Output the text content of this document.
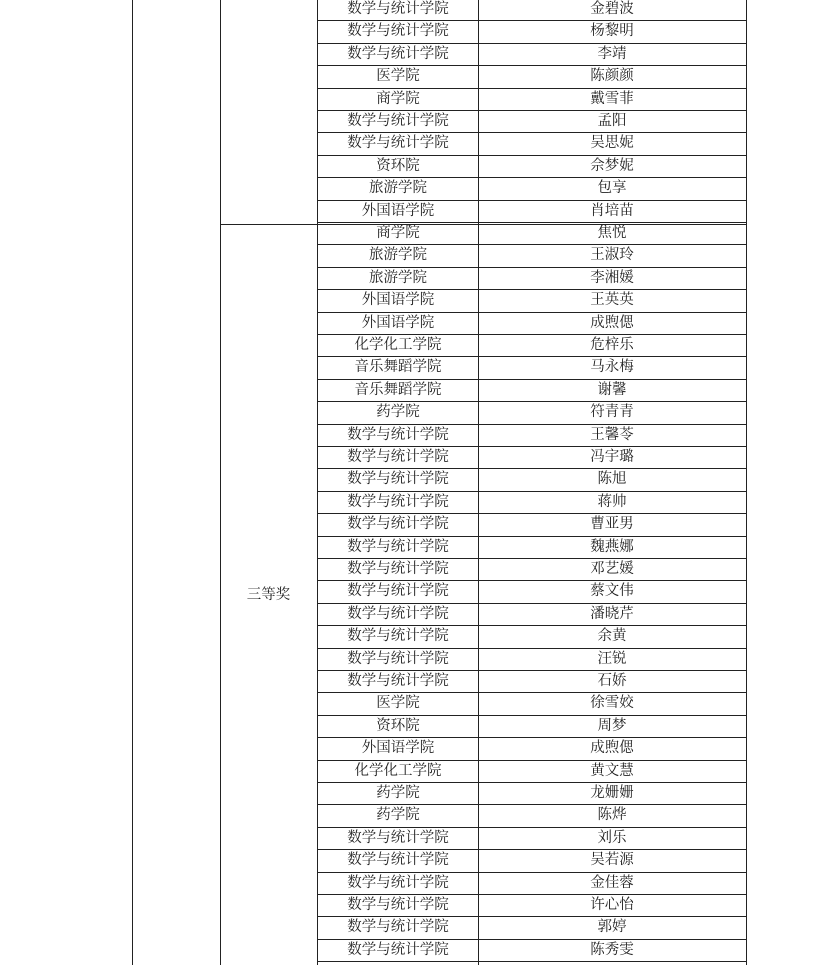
三等奖
数学与统计学院	金碧波
数学与统计学院	杨黎明
数学与统计学院	李靖
医学院	陈颜颜
商学院	戴雪菲
数学与统计学院	孟阳
数学与统计学院	吴思妮
资环院	佘梦妮
旅游学院	包享
外国语学院	肖培苗
商学院	焦悦
旅游学院	王淑玲
旅游学院	李湘媛
外国语学院	王英英
外国语学院	成煦偲
化学化工学院	危梓乐
音乐舞蹈学院	马永梅
音乐舞蹈学院	谢馨
药学院	符青青
数学与统计学院	王馨苓
数学与统计学院	冯宇璐
数学与统计学院	陈旭
数学与统计学院	蒋帅
数学与统计学院	曹亚男
数学与统计学院	魏燕娜
数学与统计学院	邓艺媛
数学与统计学院	蔡文伟
数学与统计学院	潘晓芹
数学与统计学院	余黄
数学与统计学院	汪锐
数学与统计学院	石娇
医学院	徐雪姣
资环院	周梦
外国语学院	成煦偲
化学化工学院	黄文慧
药学院	龙姗姗
药学院	陈烨
数学与统计学院	刘乐
数学与统计学院	吴若源
数学与统计学院	金佳蓉
数学与统计学院	许心怡
数学与统计学院	郭婷
数学与统计学院	陈秀雯
